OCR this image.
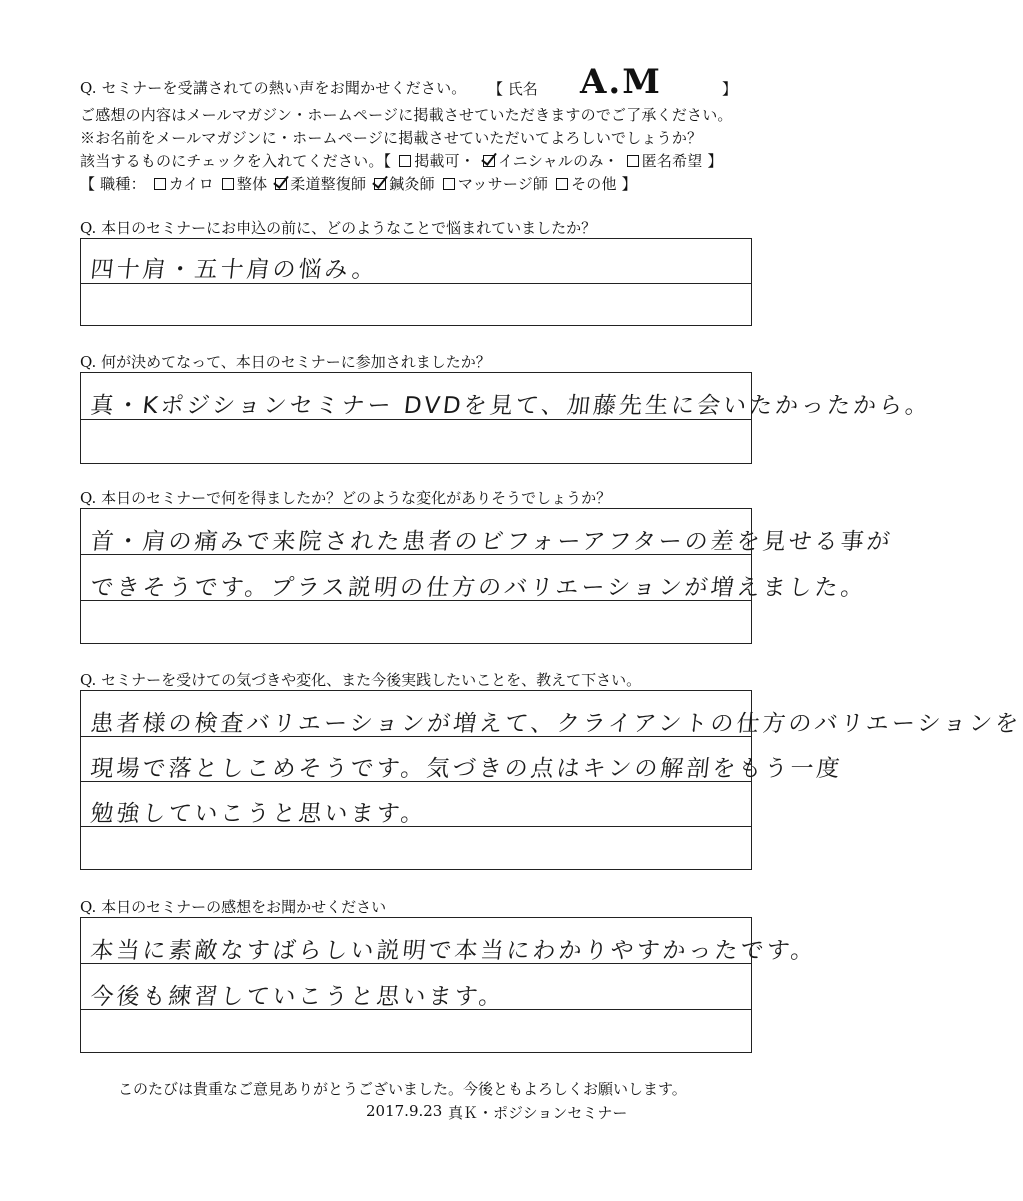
Q. セミナーを受講されての熱い声をお聞かせください。 【 氏名 A.M	】
ご感想の内容はメールマガジン・ホームページに掲載させていただきますのでご了承ください。
※お名前をメールマガジンに・ホームページに掲載させていただいてよろしいでしょうか？
該当するものにチェックを入れてください。【 掲載可・ イニシャルのみ・ 匿名希望 】
【 職種： カイロ 整体 柔道整復師 鍼灸師 マッサージ師 その他 】
Q. 本日のセミナーにお申込の前に、どのようなことで悩まれていましたか？
四十肩・五十肩の悩み。
Q. 何が決めてなって、本日のセミナーに参加されましたか？
真・Kポジションセミナー DVDを見て、加藤先生に会いたかったから。
Q. 本日のセミナーで何を得ましたか？どのような変化がありそうでしょうか？
首・肩の痛みで来院された患者のビフォーアフターの差を見せる事が
できそうです。プラス説明の仕方のバリエーションが増えました。
Q. セミナーを受けての気づきや変化、また今後実践したいことを、教えて下さい。
患者様の検査バリエーションが増えて、クライアントの仕方のバリエーションを
現場で落としこめそうです。気づきの点はキンの解剖をもう一度
勉強していこうと思います。
Q. 本日のセミナーの感想をお聞かせください
本当に素敵なすばらしい説明で本当にわかりやすかったです。
今後も練習していこうと思います。
このたびは貴重なご意見ありがとうございました。今後ともよろしくお願いします。
2017.9.23 真Ｋ・ポジションセミナー
